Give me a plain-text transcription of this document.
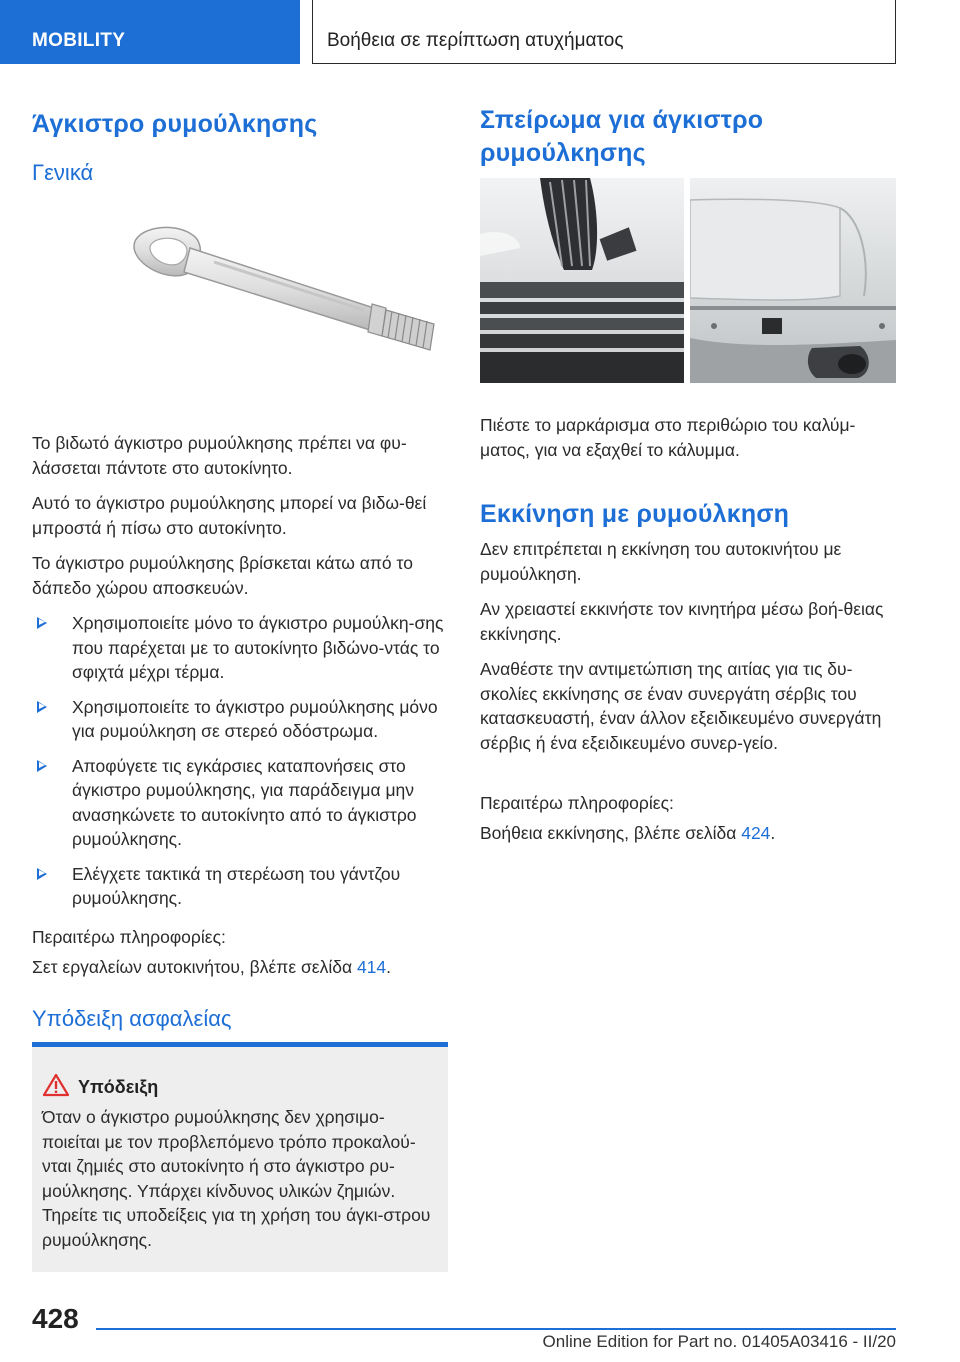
MOBILITY	Βοήθεια σε περίπτωση ατυχήματος
Άγκιστρο ρυμούλκησης
Γενικά
Το βιδωτό άγκιστρο ρυμούλκησης πρέπει να φυ-λάσσεται πάντοτε στο αυτοκίνητο.
Αυτό το άγκιστρο ρυμούλκησης μπορεί να βιδω-θεί μπροστά ή πίσω στο αυτοκίνητο.
Το άγκιστρο ρυμούλκησης βρίσκεται κάτω από το δάπεδο χώρου αποσκευών.
Χρησιμοποιείτε μόνο το άγκιστρο ρυμούλκη-σης που παρέχεται με το αυτοκίνητο βιδώνο-ντάς το σφιχτά μέχρι τέρμα.
Χρησιμοποιείτε το άγκιστρο ρυμούλκησης μόνο για ρυμούλκηση σε στερεό οδόστρωμα.
Αποφύγετε τις εγκάρσιες καταπονήσεις στο άγκιστρο ρυμούλκησης, για παράδειγμα μην ανασηκώνετε το αυτοκίνητο από το άγκιστρο ρυμούλκησης.
Ελέγχετε τακτικά τη στερέωση του γάντζου ρυμούλκησης.
Περαιτέρω πληροφορίες:
Σετ εργαλείων αυτοκινήτου, βλέπε σελίδα 414.
Υπόδειξη ασφαλείας
Υπόδειξη
Όταν ο άγκιστρο ρυμούλκησης δεν χρησιμο-ποιείται με τον προβλεπόμενο τρόπο προκαλού-νται ζημιές στο αυτοκίνητο ή στο άγκιστρο ρυ-μούλκησης. Υπάρχει κίνδυνος υλικών ζημιών. Τηρείτε τις υποδείξεις για τη χρήση του άγκι-στρου ρυμούλκησης.
Σπείρωμα για άγκιστρο ρυμούλκησης
Πιέστε το μαρκάρισμα στο περιθώριο του καλύμ-ματος, για να εξαχθεί το κάλυμμα.
Εκκίνηση με ρυμούλκηση
Δεν επιτρέπεται η εκκίνηση του αυτοκινήτου με ρυμούλκηση.
Αν χρειαστεί εκκινήστε τον κινητήρα μέσω βοή-θειας εκκίνησης.
Αναθέστε την αντιμετώπιση της αιτίας για τις δυ-σκολίες εκκίνησης σε έναν συνεργάτη σέρβις του κατασκευαστή, έναν άλλον εξειδικευμένο συνεργάτη σέρβις ή ένα εξειδικευμένο συνερ-γείο.
Περαιτέρω πληροφορίες:
Βοήθεια εκκίνησης, βλέπε σελίδα 424.
428
Online Edition for Part no. 01405A03416 - II/20
